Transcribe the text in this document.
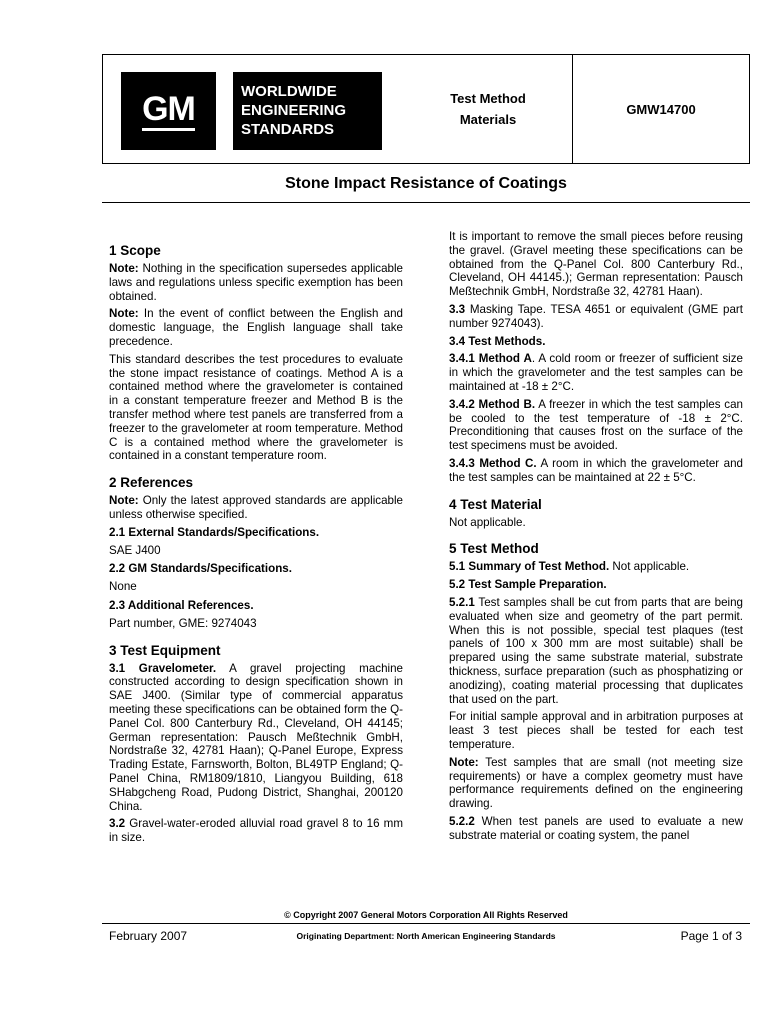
GM	WORLDWIDE
ENGINEERING
STANDARDS
Test Method
Materials
GMW14700
Stone Impact Resistance of Coatings
1 Scope

Note: Nothing in the specification supersedes applicable laws and regulations unless specific exemption has been obtained.

Note: In the event of conflict between the English and domestic language, the English language shall take precedence.

This standard describes the test procedures to evaluate the stone impact resistance of coatings. Method A is a contained method where the gravelometer is contained in a constant temperature freezer and Method B is the transfer method where test panels are transferred from a freezer to the gravelometer at room temperature. Method C is a contained method where the gravelometer is contained in a constant temperature room.

2 References

Note: Only the latest approved standards are applicable unless otherwise specified.

2.1 External Standards/Specifications.

SAE J400

2.2 GM Standards/Specifications.

None

2.3 Additional References.

Part number, GME: 9274043

3 Test Equipment

3.1 Gravelometer. A gravel projecting machine constructed according to design specification shown in SAE J400. (Similar type of commercial apparatus meeting these specifications can be obtained form the Q-Panel Col. 800 Canterbury Rd., Cleveland, OH 44145; German representation: Pausch Meßtechnik GmbH, Nordstraße 32, 42781 Haan); Q-Panel Europe, Express Trading Estate, Farnsworth, Bolton, BL49TP England; Q-Panel China, RM1809/1810, Liangyou Building, 618 SHabgcheng Road, Pudong District, Shanghai, 200120 China.

3.2 Gravel-water-eroded alluvial road gravel 8 to 16 mm in size.

It is important to remove the small pieces before reusing the gravel. (Gravel meeting these specifications can be obtained from the Q-Panel Col. 800 Canterbury Rd., Cleveland, OH 44145.); German representation: Pausch Meßtechnik GmbH, Nordstraße 32, 42781 Haan).

3.3 Masking Tape. TESA 4651 or equivalent (GME part number 9274043).

3.4 Test Methods.

3.4.1 Method A. A cold room or freezer of sufficient size in which the gravelometer and the test samples can be maintained at -18 ± 2°C.

3.4.2 Method B. A freezer in which the test samples can be cooled to the test temperature of -18 ± 2°C. Preconditioning that causes frost on the surface of the test specimens must be avoided.

3.4.3 Method C. A room in which the gravelometer and the test samples can be maintained at 22 ± 5°C.

4 Test Material

Not applicable.

5 Test Method

5.1 Summary of Test Method. Not applicable.

5.2 Test Sample Preparation.

5.2.1 Test samples shall be cut from parts that are being evaluated when size and geometry of the part permit. When this is not possible, special test plaques (test panels of 100 x 300 mm are most suitable) shall be prepared using the same substrate material, substrate thickness, surface preparation (such as phosphatizing or anodizing), coating material processing that duplicates that used on the part.

For initial sample approval and in arbitration purposes at least 3 test pieces shall be tested for each test temperature.

Note: Test samples that are small (not meeting size requirements) or have a complex geometry must have performance requirements defined on the engineering drawing.

5.2.2 When test panels are used to evaluate a new substrate material or coating system, the panel

© Copyright 2007 General Motors Corporation All Rights Reserved
February 2007	Originating Department: North American Engineering Standards	Page 1 of 3
